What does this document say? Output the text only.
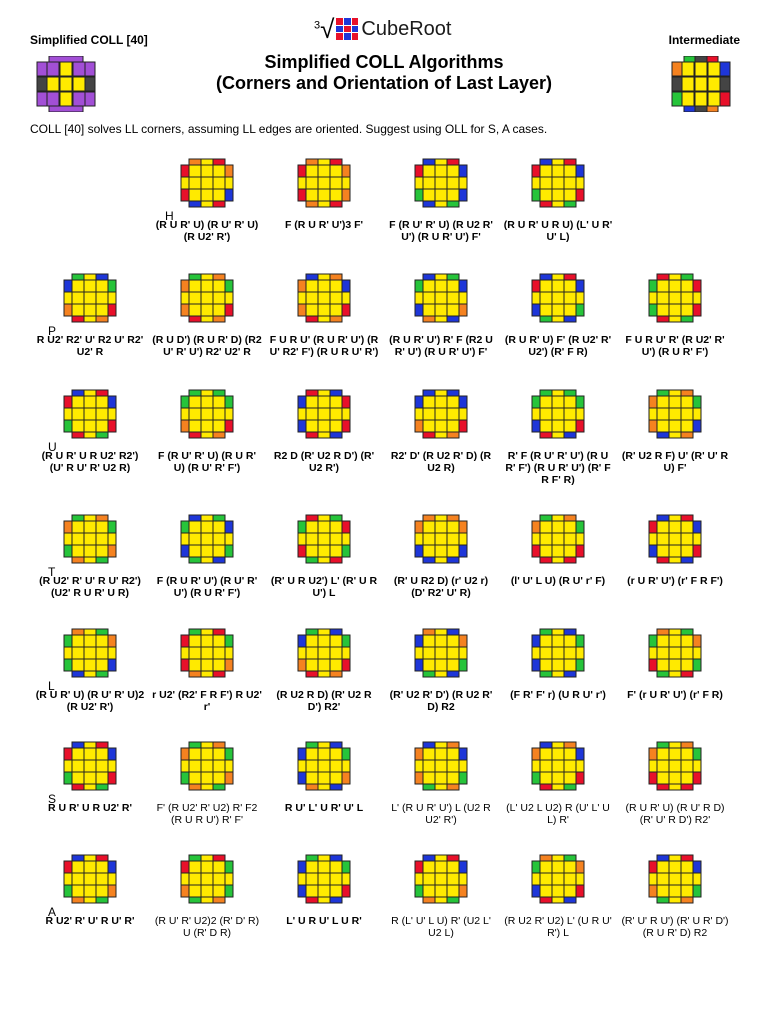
Simplified COLL [40]	Intermediate
$^3$√ CubeRoot
Simplified COLL Algorithms
(Corners and Orientation of Last Layer)
COLL [40] solves LL corners, assuming LL edges are oriented. Suggest using OLL for S, A cases.
H
(R U R' U) (R U' R' U) (R U2' R')
F (R U R' U')3 F'	F (R U' R' U) (R U2 R' U') (R U R' U') F'
(R U R' U R U) (L' U R' U' L)
P
R U2' R2' U' R2 U' R2' U2' R
(R U D') (R U R' D) (R2 U' R' U') R2' U2' R
F U R U' (R U R' U') (R U' R2' F') (R U R U' R')
(R U R' U') R' F (R2 U R' U') (R U R' U') F'
(R U R' U) F' (R U2' R' U2') (R' F R)
F U R U' R' (R U2' R' U') (R U R' F')
U
(R U R' U R U2' R2') (U' R U' R' U2 R)
F (R U' R' U) (R U R' U) (R U' R' F')
R2 D (R' U2 R D') (R' U2 R')
R2' D' (R U2 R' D) (R U2 R)
R' F (R U' R' U') (R U R' F') (R U R' U') (R' F R F' R)
(R' U2 R F) U' (R' U' R U) F'
T
(R U2' R' U' R U' R2') (U2' R U R' U R)
F (R U R' U') (R U' R' U') (R U R' F')
(R' U R U2') L' (R' U R U') L
(R' U R2 D) (r' U2 r) (D' R2' U' R)
(l' U' L U) (R U' r' F)	(r U R' U') (r' F R F')
L
(R U R' U) (R U' R' U)2 (R U2' R')
r U2' (R2' F R F') R U2' r'
(R U2 R D) (R' U2 R D') R2'
(R' U2 R' D') (R U2 R' D) R2
(F R' F' r) (U R U' r')	F' (r U R' U') (r' F R)
S
R U R' U R U2' R'	F' (R U2' R' U2) R' F2 (R U R U') R' F'
R U' L' U R' U' L	L' (R U R' U') L (U2 R U2' R')
(L' U2 L U2) R (U' L' U L) R'
(R U R' U) (R U' R D) (R' U' R D') R2'
A
R U2' R' U' R U' R'	(R U' R' U2)2 (R' D' R) U (R' D R)
L' U R U' L U R'	R (L' U' L U) R' (U2 L' U2 L)
(R U2 R' U2) L' (U R U' R') L
(R' U' R U') (R' U R' D') (R U R' D) R2
